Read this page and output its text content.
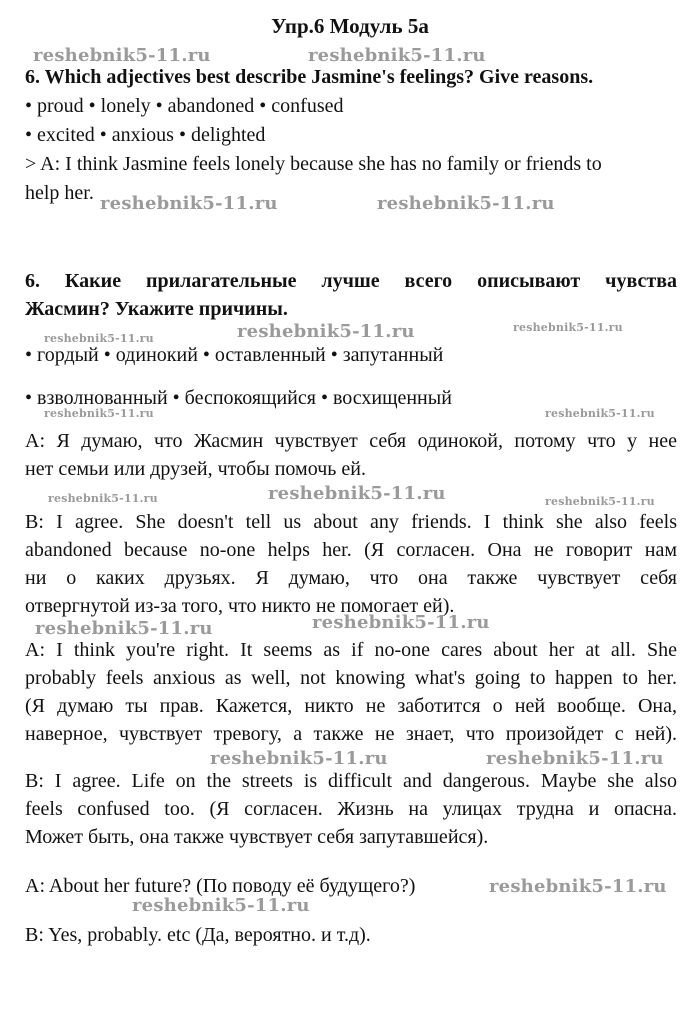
Упр.6 Модуль 5а
6. Which adjectives best describe Jasmine's feelings? Give reasons.
• proud • lonely • abandoned • confused
• excited • anxious • delighted
> A: I think Jasmine feels lonely because she has no family or friends to
help her.
6. Какие прилагательные лучше всего описывают чувства
Жасмин? Укажите причины.
• гордый • одинокий • оставленный • запутанный
• взволнованный • беспокоящийся • восхищенный
A: Я думаю, что Жасмин чувствует себя одинокой, потому что у нее
нет семьи или друзей, чтобы помочь ей.
B: I agree. She doesn't tell us about any friends. I think she also feels
abandoned because no-one helps her. (Я согласен. Она не говорит нам
ни о каких друзьях. Я думаю, что она также чувствует себя
отвергнутой из-за того, что никто не помогает ей).
A: I think you're right. It seems as if no-one cares about her at all. She
probably feels anxious as well, not knowing what's going to happen to her.
(Я думаю ты прав. Кажется, никто не заботится о ней вообще. Она,
наверное, чувствует тревогу, а также не знает, что произойдет с ней).
B: I agree. Life on the streets is difficult and dangerous. Maybe she also
feels confused too. (Я согласен. Жизнь на улицах трудна и опасна.
Может быть, она также чувствует себя запутавшейся).
A: About her future? (По поводу её будущего?)
B: Yes, probably. etc (Да, вероятно. и т.д).
reshebnik5-11.ru	reshebnik5-11.ru
reshebnik5-11.ru	reshebnik5-11.ru
reshebnik5-11.ru	reshebnik5-11.ru	reshebnik5-11.ru
reshebnik5-11.ru	reshebnik5-11.ru
reshebnik5-11.ru	reshebnik5-11.ru	reshebnik5-11.ru
reshebnik5-11.ru	reshebnik5-11.ru
reshebnik5-11.ru	reshebnik5-11.ru
reshebnik5-11.ru
reshebnik5-11.ru
